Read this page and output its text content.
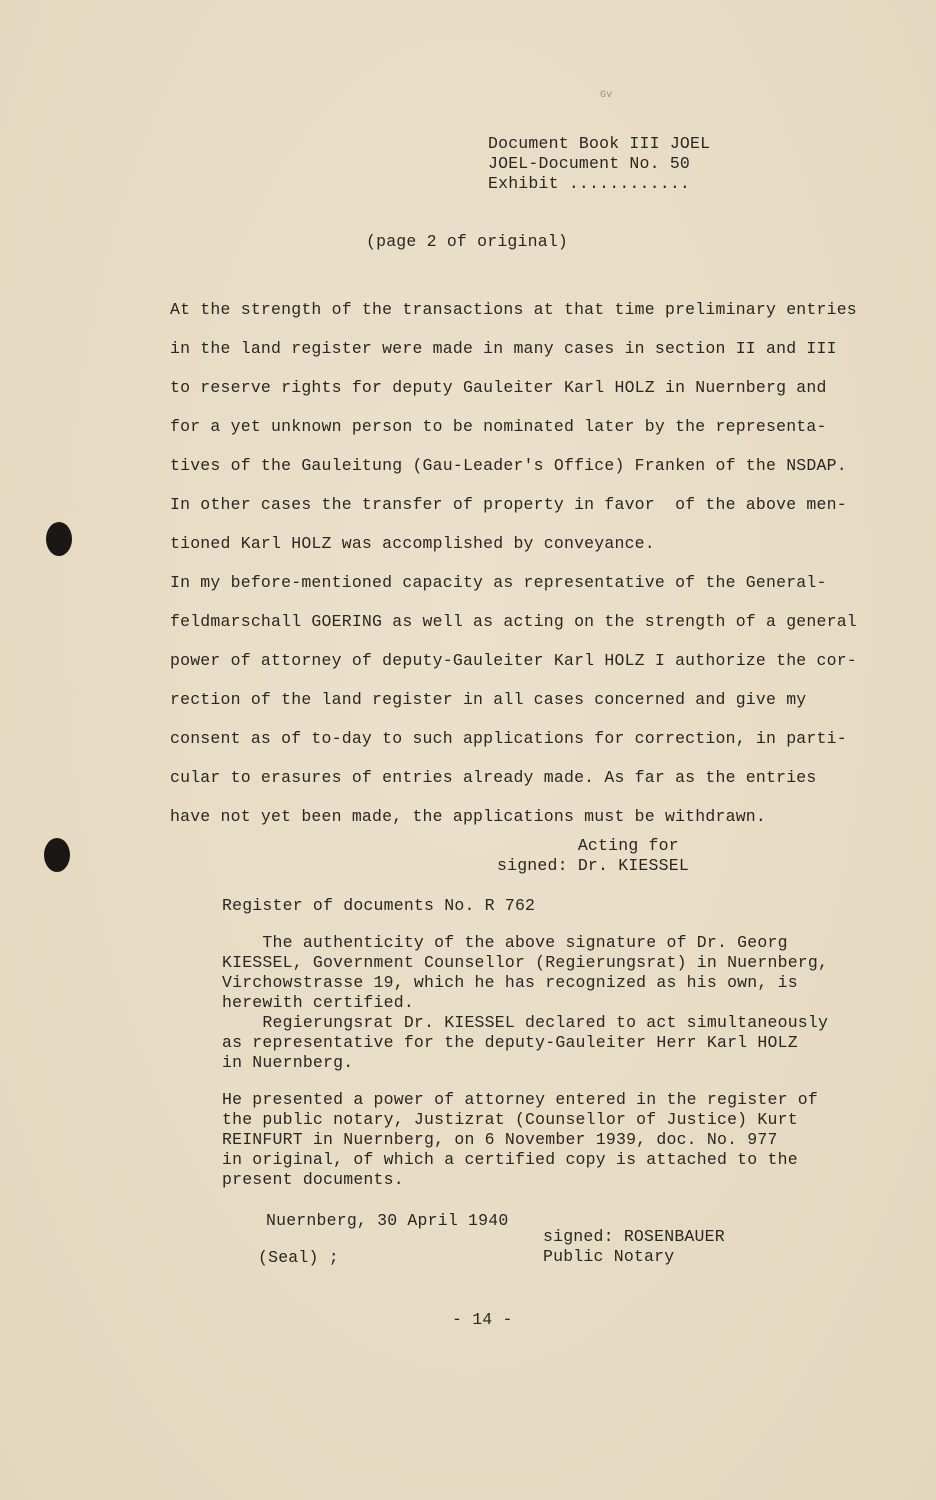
Gv
Document Book III JOEL
JOEL-Document No. 50
Exhibit ............
(page 2 of original)
At the strength of the transactions at that time preliminary entries
in the land register were made in many cases in section II and III
to reserve rights for deputy Gauleiter Karl HOLZ in Nuernberg and
for a yet unknown person to be nominated later by the representa-
tives of the Gauleitung (Gau-Leader's Office) Franken of the NSDAP.
In other cases the transfer of property in favor  of the above men-
tioned Karl HOLZ was accomplished by conveyance.
In my before-mentioned capacity as representative of the General-
feldmarschall GOERING as well as acting on the strength of a general
power of attorney of deputy-Gauleiter Karl HOLZ I authorize the cor-
rection of the land register in all cases concerned and give my
consent as of to-day to such applications for correction, in parti-
cular to erasures of entries already made. As far as the entries
have not yet been made, the applications must be withdrawn.
Acting for
signed: Dr. KIESSEL
Register of documents No. R 762
The authenticity of the above signature of Dr. Georg
KIESSEL, Government Counsellor (Regierungsrat) in Nuernberg,
Virchowstrasse 19, which he has recognized as his own, is
herewith certified.
Regierungsrat Dr. KIESSEL declared to act simultaneously
as representative for the deputy-Gauleiter Herr Karl HOLZ
in Nuernberg.
He presented a power of attorney entered in the register of
the public notary, Justizrat (Counsellor of Justice) Kurt
REINFURT in Nuernberg, on 6 November 1939, doc. No. 977
in original, of which a certified copy is attached to the
present documents.
Nuernberg, 30 April 1940
(Seal) ;
signed: ROSENBAUER
Public Notary
- 14 -
